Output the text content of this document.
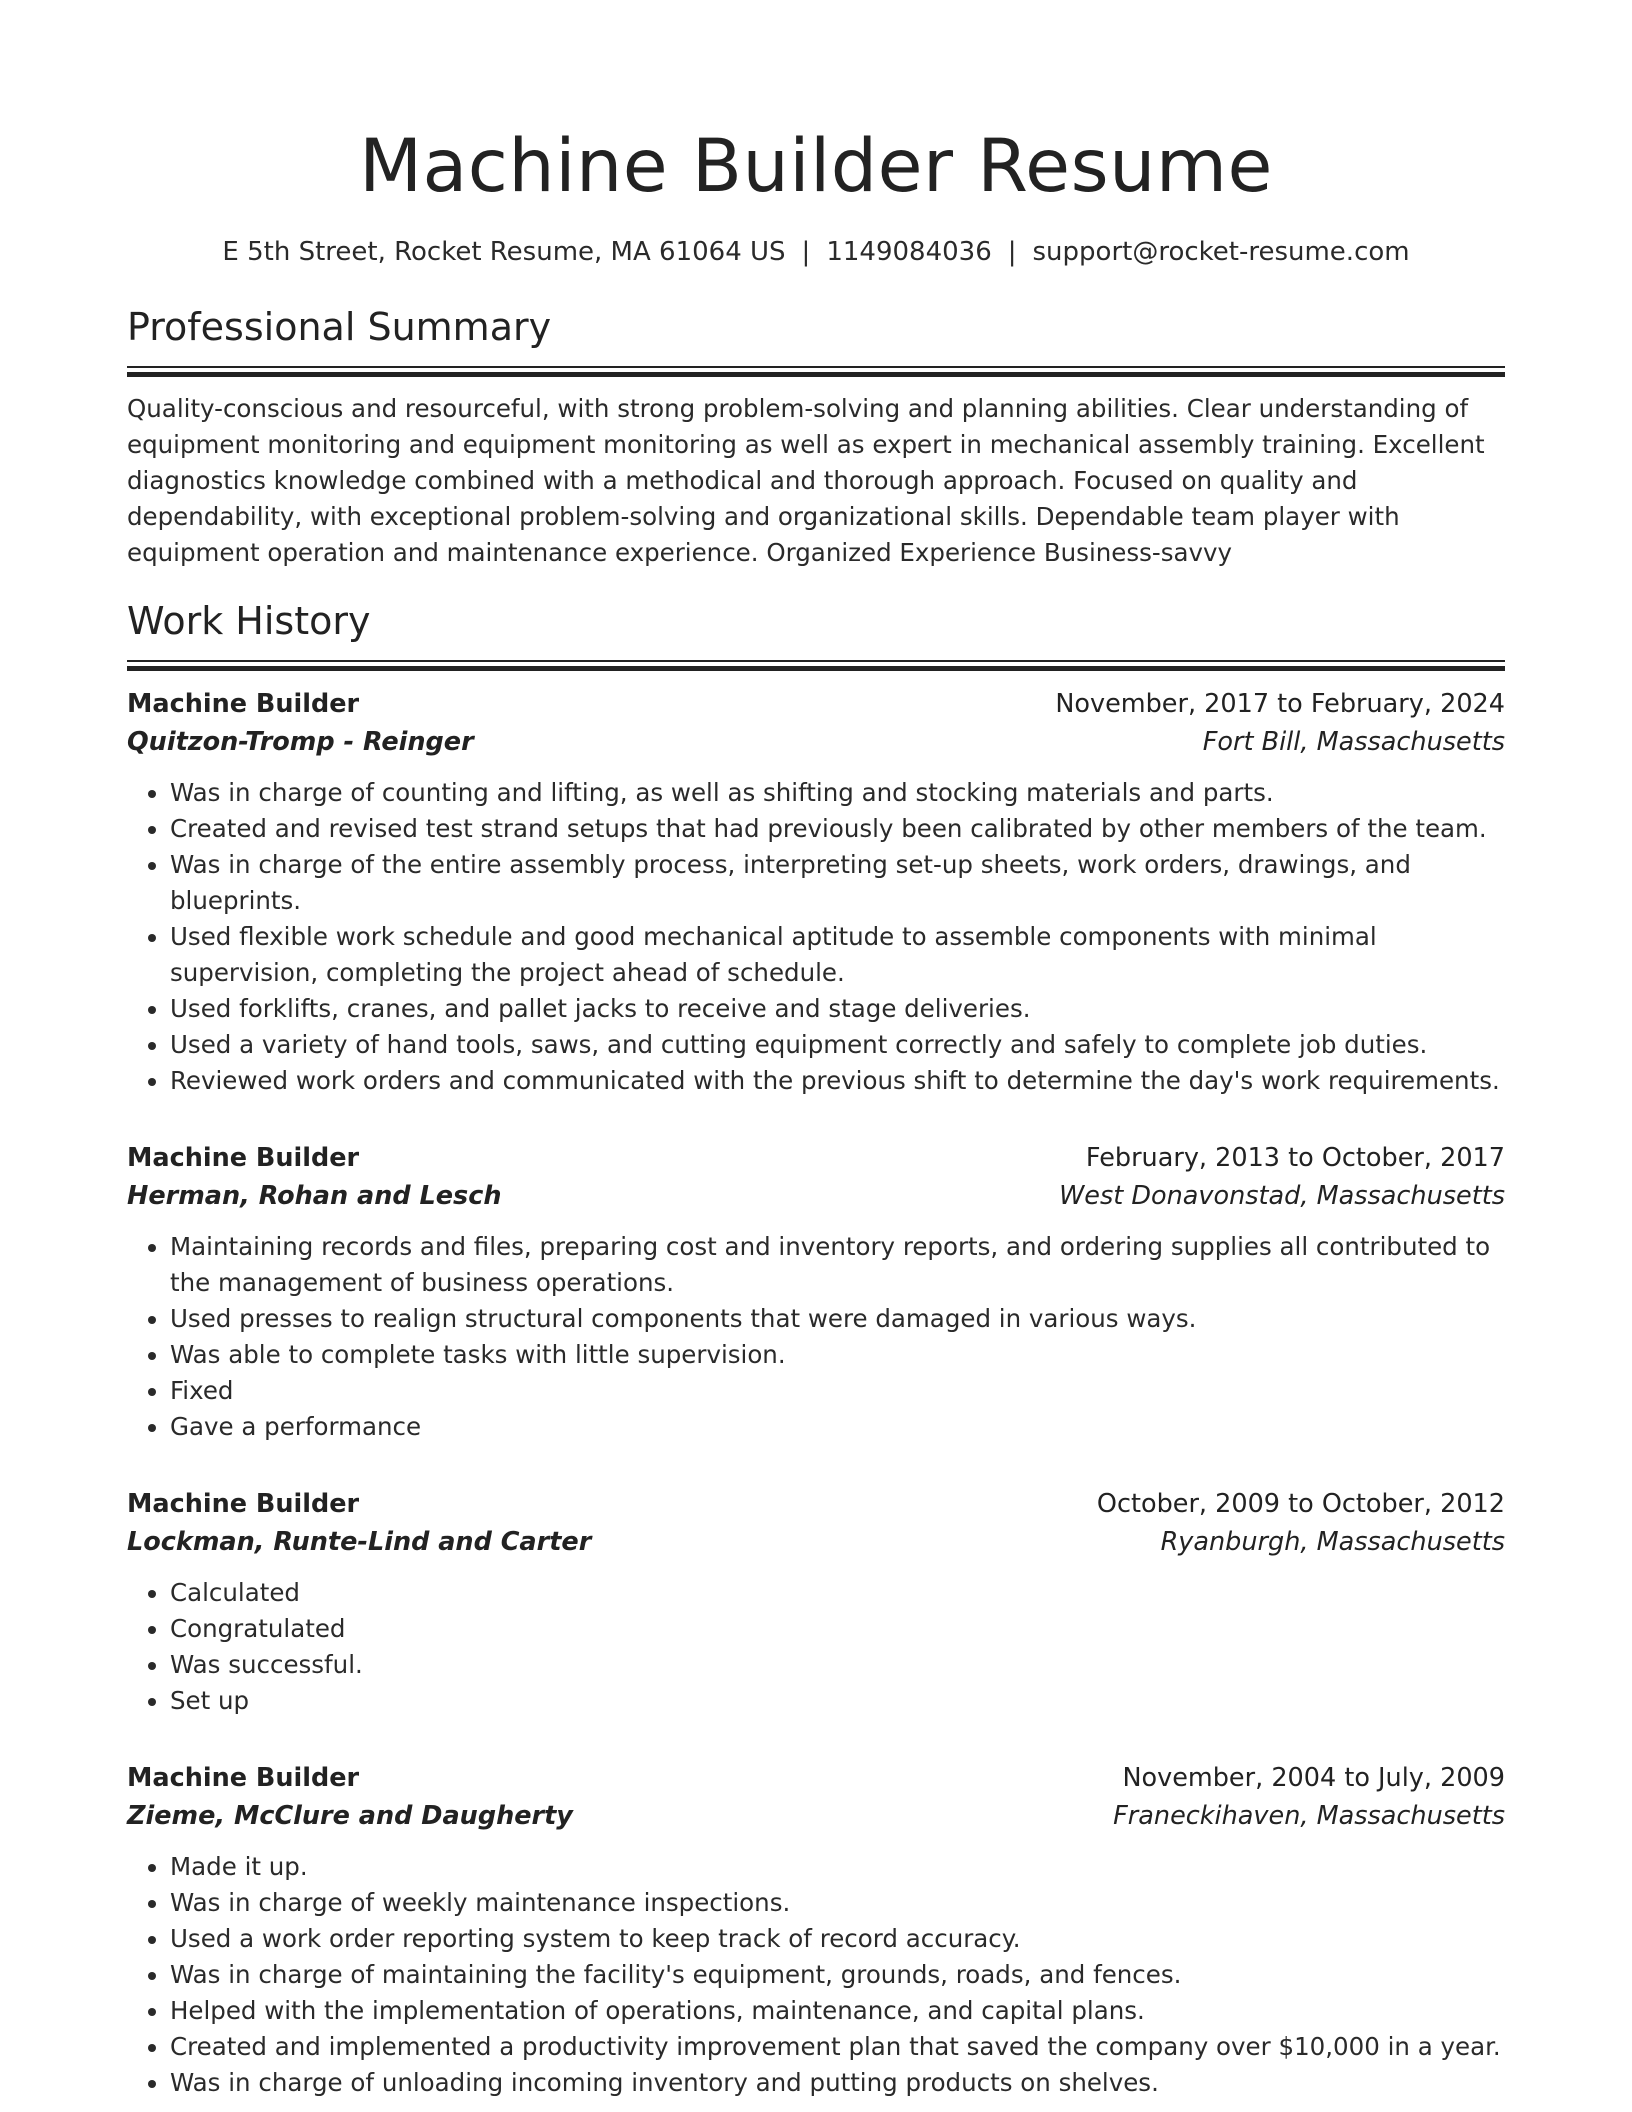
Machine Builder Resume
E 5th Street, Rocket Resume, MA 61064 US | 1149084036 | support@rocket-resume.com
Professional Summary

Quality-conscious and resourceful, with strong problem-solving and planning abilities. Clear understanding of equipment monitoring and equipment monitoring as well as expert in mechanical assembly training. Excellent diagnostics knowledge combined with a methodical and thorough approach. Focused on quality and dependability, with exceptional problem-solving and organizational skills. Dependable team player with equipment operation and maintenance experience. Organized Experience Business-savvy

Work History
Machine Builder	November, 2017 to February, 2024
Quitzon-Tromp - Reinger	Fort Bill, Massachusetts
• Was in charge of counting and lifting, as well as shifting and stocking materials and parts.
• Created and revised test strand setups that had previously been calibrated by other members of the team.
• Was in charge of the entire assembly process, interpreting set-up sheets, work orders, drawings, and blueprints.
• Used flexible work schedule and good mechanical aptitude to assemble components with minimal supervision, completing the project ahead of schedule.
• Used forklifts, cranes, and pallet jacks to receive and stage deliveries.
• Used a variety of hand tools, saws, and cutting equipment correctly and safely to complete job duties.
• Reviewed work orders and communicated with the previous shift to determine the day's work requirements.
Machine Builder	February, 2013 to October, 2017
Herman, Rohan and Lesch	West Donavonstad, Massachusetts
• Maintaining records and files, preparing cost and inventory reports, and ordering supplies all contributed to the management of business operations.
• Used presses to realign structural components that were damaged in various ways.
• Was able to complete tasks with little supervision.
• Fixed
• Gave a performance
Machine Builder	October, 2009 to October, 2012
Lockman, Runte-Lind and Carter	Ryanburgh, Massachusetts
• Calculated
• Congratulated
• Was successful.
• Set up
Machine Builder	November, 2004 to July, 2009
Zieme, McClure and Daugherty	Franeckihaven, Massachusetts
• Made it up.
• Was in charge of weekly maintenance inspections.
• Used a work order reporting system to keep track of record accuracy.
• Was in charge of maintaining the facility's equipment, grounds, roads, and fences.
• Helped with the implementation of operations, maintenance, and capital plans.
• Created and implemented a productivity improvement plan that saved the company over $10,000 in a year.
• Was in charge of unloading incoming inventory and putting products on shelves.
